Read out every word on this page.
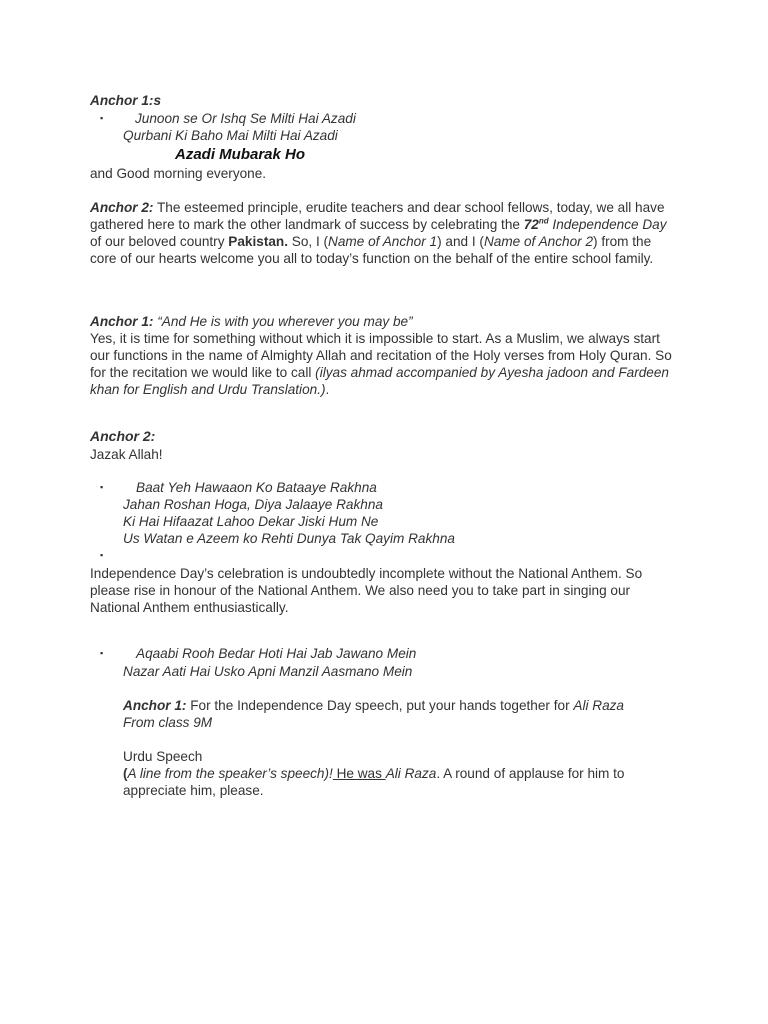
Anchor 1:s
▪	Junoon se Or Ishq Se Milti Hai Azadi
Qurbani Ki Baho Mai Milti Hai Azadi
Azadi Mubarak Ho
and Good morning everyone.
Anchor 2: The esteemed principle, erudite teachers and dear school fellows, today, we all have gathered here to mark the other landmark of success by celebrating the 72nd Independence Day of our beloved country Pakistan. So, I (Name of Anchor 1) and I (Name of Anchor 2) from the core of our hearts welcome you all to today’s function on the behalf of the entire school family.
Anchor 1: “And He is with you wherever you may be”
Yes, it is time for something without which it is impossible to start. As a Muslim, we always start our functions in the name of Almighty Allah and recitation of the Holy verses from Holy Quran. So for the recitation we would like to call (ilyas ahmad accompanied by Ayesha jadoon and Fardeen khan for English and Urdu Translation.).
Anchor 2:
Jazak Allah!
▪	Baat Yeh Hawaaon Ko Bataaye Rakhna
Jahan Roshan Hoga, Diya Jalaaye Rakhna
Ki Hai Hifaazat Lahoo Dekar Jiski Hum Ne
Us Watan e Azeem ko Rehti Dunya Tak Qayim Rakhna
▪
Independence Day’s celebration is undoubtedly incomplete without the National Anthem. So please rise in honour of the National Anthem. We also need you to take part in singing our National Anthem enthusiastically.
▪	Aqaabi Rooh Bedar Hoti Hai Jab Jawano Mein
Nazar Aati Hai Usko Apni Manzil Aasmano Mein
Anchor 1: For the Independence Day speech, put your hands together for Ali Raza
From class 9M
Urdu Speech
(A line from the speaker’s speech)! He was Ali Raza. A round of applause for him to appreciate him, please.
